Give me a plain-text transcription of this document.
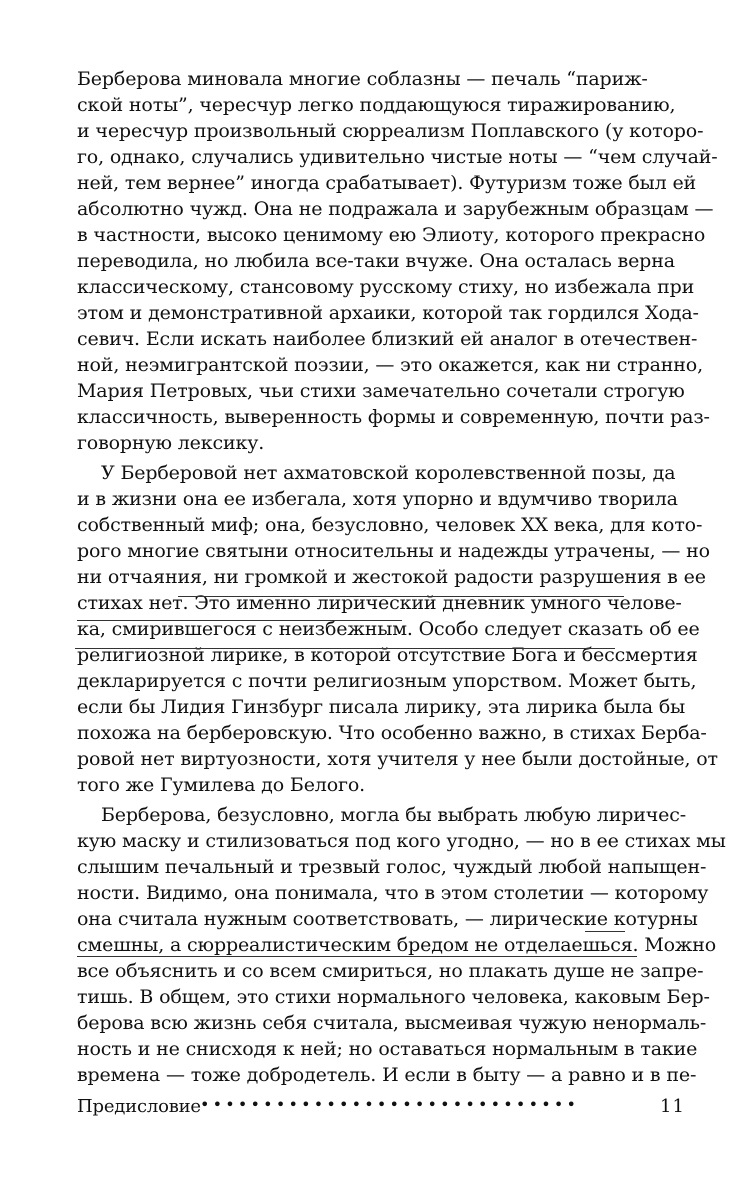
Берберова миновала многие соблазны — печаль “париж-
ской ноты”, чересчур легко поддающуюся тиражированию,
и чересчур произвольный сюрреализм Поплавского (у которо-
го, однако, случались удивительно чистые ноты — “чем случай-
ней, тем вернее” иногда срабатывает). Футуризм тоже был ей
абсолютно чужд. Она не подражала и зарубежным образцам —
в частности, высоко ценимому ею Элиоту, которого прекрасно
переводила, но любила все-таки вчуже. Она осталась верна
классическому, стансовому русскому стиху, но избежала при
этом и демонстративной архаики, которой так гордился Хода-
севич. Если искать наиболее близкий ей аналог в отечествен-
ной, неэмигрантской поэзии, — это окажется, как ни странно,
Мария Петровых, чьи стихи замечательно сочетали строгую
классичность, выверенность формы и современную, почти раз-
говорную лексику.
У Берберовой нет ахматовской королевственной позы, да
и в жизни она ее избегала, хотя упорно и вдумчиво творила
собственный миф; она, безусловно, человек XX века, для кото-
рого многие святыни относительны и надежды утрачены, — но
ни отчаяния, ни громкой и жестокой радости разрушения в ее
стихах нет. Это именно лирический дневник умного челове-
ка, смирившегося с неизбежным. Особо следует сказать об ее
религиозной лирике, в которой отсутствие Бога и бессмертия
декларируется с почти религиозным упорством. Может быть,
если бы Лидия Гинзбург писала лирику, эта лирика была бы
похожа на берберовскую. Что особенно важно, в стихах Берба-
ровой нет виртуозности, хотя учителя у нее были достойные, от
того же Гумилева до Белого.
Берберова, безусловно, могла бы выбрать любую лиричес-
кую маску и стилизоваться под кого угодно, — но в ее стихах мы
слышим печальный и трезвый голос, чуждый любой напыщен-
ности. Видимо, она понимала, что в этом столетии — которому
она считала нужным соответствовать, — лирические котурны
смешны, а сюрреалистическим бредом не отделаешься. Можно
все объяснить и со всем смириться, но плакать душе не запре-
тишь. В общем, это стихи нормального человека, каковым Бер-
берова всю жизнь себя считала, высмеивая чужую ненормаль-
ность и не снисходя к ней; но оставаться нормальным в такие
времена — тоже добродетель. И если в быту — а равно и в пе-
Предисловие ••••••••••••••••••••••••••••••	11
